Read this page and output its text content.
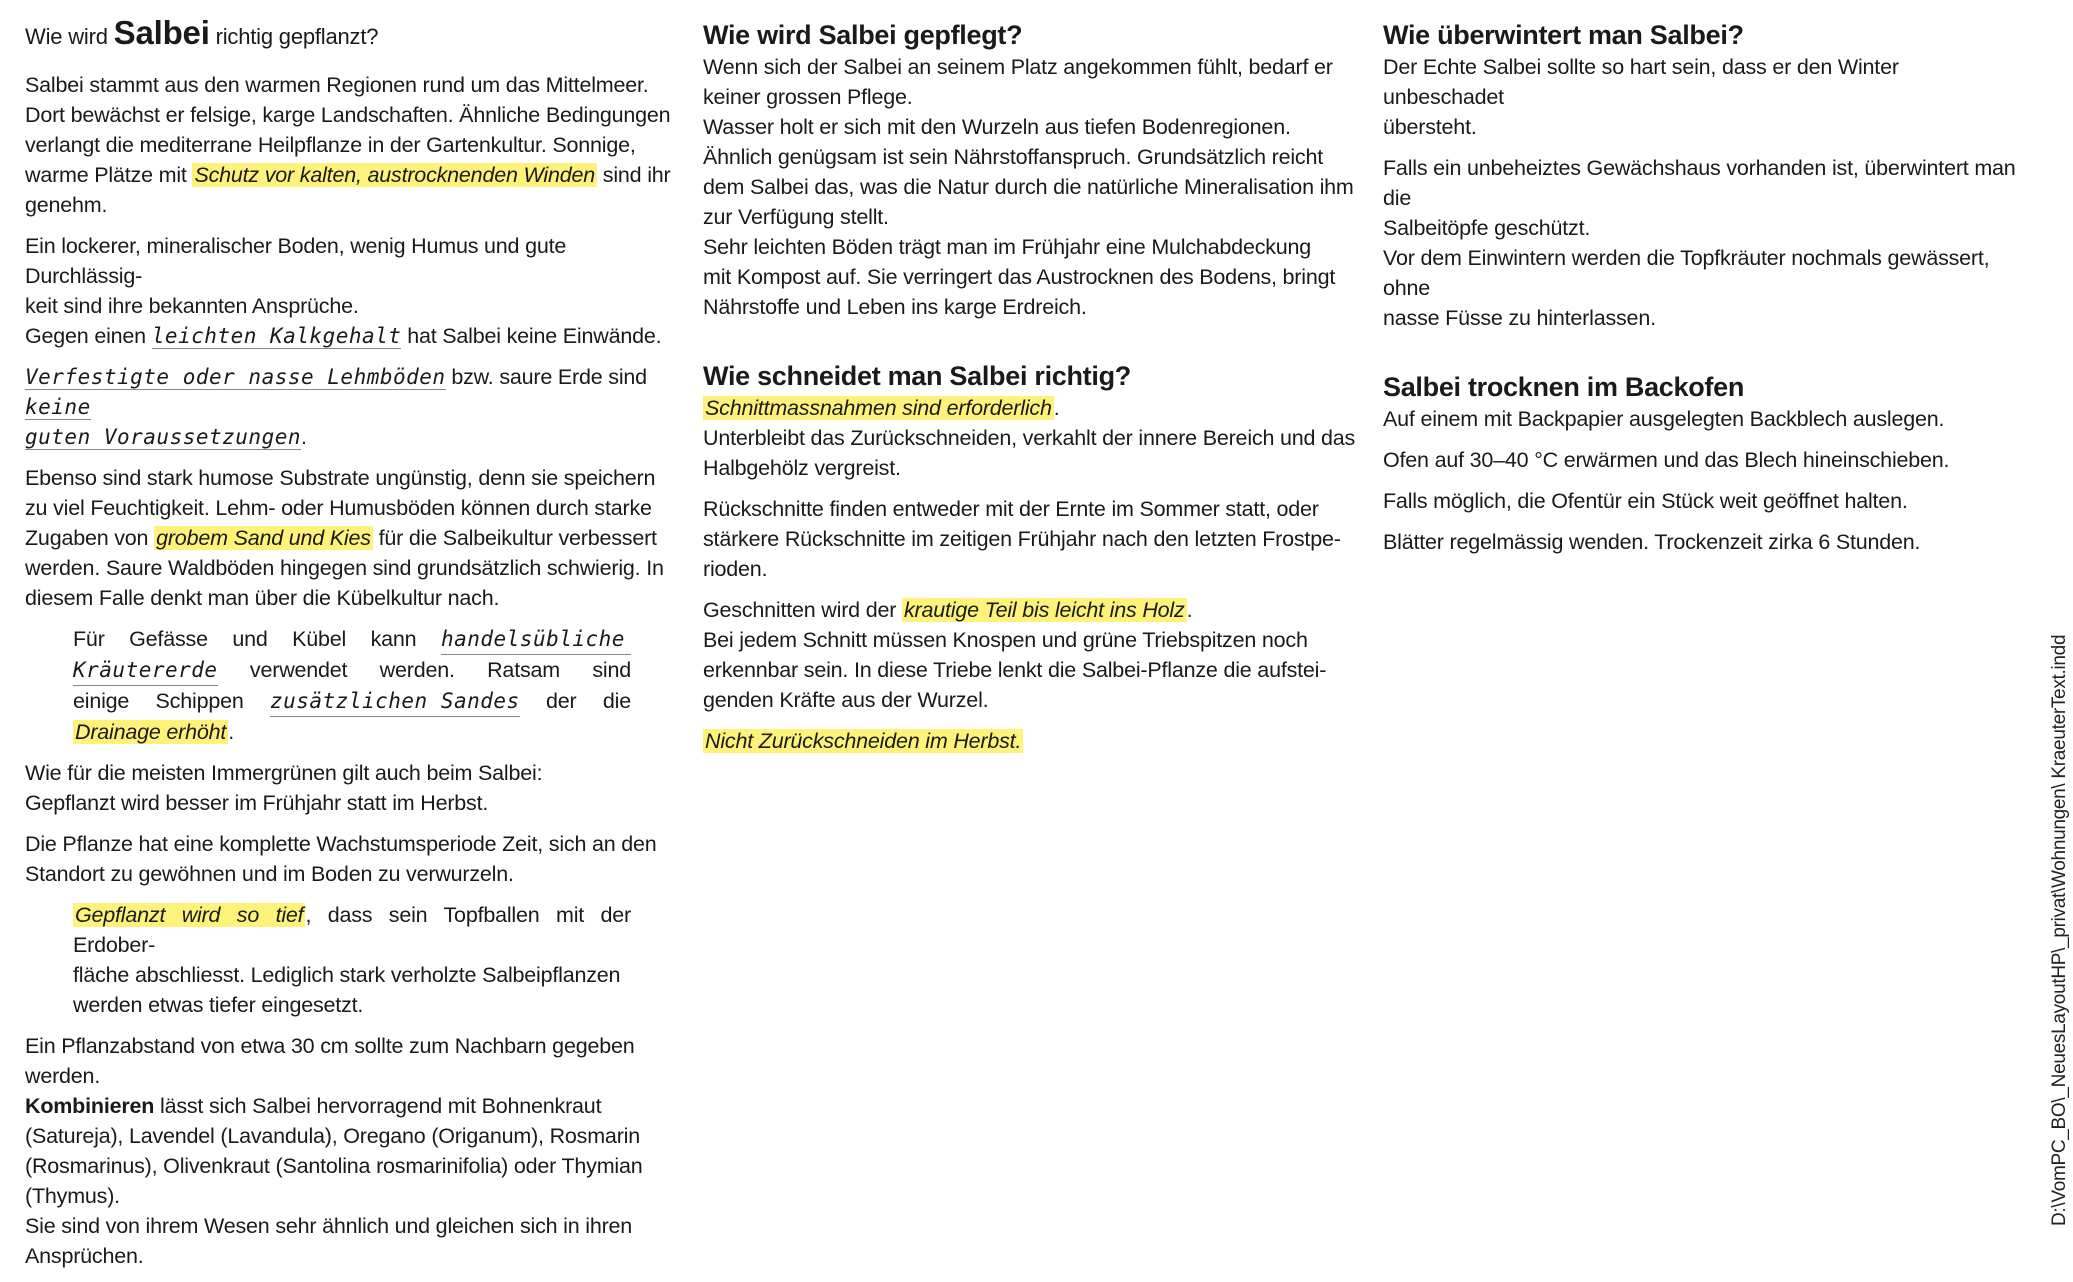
Wie wird Salbei richtig gepflanzt?

Salbei stammt aus den warmen Regionen rund um das Mittelmeer.
Dort bewächst er felsige, karge Landschaften. Ähnliche Bedingungen
verlangt die mediterrane Heilpflanze in der Gartenkultur. Sonnige,
warme Plätze mit Schutz vor kalten, austrocknenden Winden sind ihr
genehm.

Ein lockerer, mineralischer Boden, wenig Humus und gute Durchlässig-
keit sind ihre bekannten Ansprüche.
Gegen einen leichten Kalkgehalt hat Salbei keine Einwände.

Verfestigte oder nasse Lehmböden bzw. saure Erde sind keine
guten Voraussetzungen.

Ebenso sind stark humose Substrate ungünstig, denn sie speichern
zu viel Feuchtigkeit. Lehm- oder Humusböden können durch starke
Zugaben von grobem Sand und Kies für die Salbeikultur verbessert
werden. Saure Waldböden hingegen sind grundsätzlich schwierig. In
diesem Falle denkt man über die Kübelkultur nach.

Für Gefässe und Kübel kann handelsübliche
Kräutererde verwendet werden. Ratsam sind
einige Schippen zusätzlichen Sandes der die
Drainage erhöht.

Wie für die meisten Immergrünen gilt auch beim Salbei:
Gepflanzt wird besser im Frühjahr statt im Herbst.

Die Pflanze hat eine komplette Wachstumsperiode Zeit, sich an den
Standort zu gewöhnen und im Boden zu verwurzeln.

Gepflanzt wird so tief, dass sein Topfballen mit der Erdober-
fläche abschliesst. Lediglich stark verholzte Salbeipflanzen
werden etwas tiefer eingesetzt.

Ein Pflanzabstand von etwa 30 cm sollte zum Nachbarn gegeben
werden.
Kombinieren lässt sich Salbei hervorragend mit Bohnenkraut
(Satureja), Lavendel (Lavandula), Oregano (Origanum), Rosmarin
(Rosmarinus), Olivenkraut (Santolina rosmarinifolia) oder Thymian
(Thymus).
Sie sind von ihrem Wesen sehr ähnlich und gleichen sich in ihren
Ansprüchen.

Wie wird Salbei gepflegt?

Wenn sich der Salbei an seinem Platz angekommen fühlt, bedarf er
keiner grossen Pflege.
Wasser holt er sich mit den Wurzeln aus tiefen Bodenregionen.
Ähnlich genügsam ist sein Nährstoffanspruch. Grundsätzlich reicht
dem Salbei das, was die Natur durch die natürliche Mineralisation ihm
zur Verfügung stellt.
Sehr leichten Böden trägt man im Frühjahr eine Mulchabdeckung
mit Kompost auf. Sie verringert das Austrocknen des Bodens, bringt
Nährstoffe und Leben ins karge Erdreich.

Wie schneidet man Salbei richtig?

Schnittmassnahmen sind erforderlich.
Unterbleibt das Zurückschneiden, verkahlt der innere Bereich und das
Halbgehölz vergreist.

Rückschnitte finden entweder mit der Ernte im Sommer statt, oder
stärkere Rückschnitte im zeitigen Frühjahr nach den letzten Frostpe-
rioden.

Geschnitten wird der krautige Teil bis leicht ins Holz.
Bei jedem Schnitt müssen Knospen und grüne Triebspitzen noch
erkennbar sein. In diese Triebe lenkt die Salbei-Pflanze die aufstei-
genden Kräfte aus der Wurzel.

Nicht Zurückschneiden im Herbst.

Wie überwintert man Salbei?

Der Echte Salbei sollte so hart sein, dass er den Winter unbeschadet
übersteht.

Falls ein unbeheiztes Gewächshaus vorhanden ist, überwintert man die
Salbeitöpfe geschützt.
Vor dem Einwintern werden die Topfkräuter nochmals gewässert, ohne
nasse Füsse zu hinterlassen.

Salbei trocknen im Backofen

Auf einem mit Backpapier ausgelegten Backblech auslegen.

Ofen auf 30–40 °C erwärmen und das Blech hineinschieben.

Falls möglich, die Ofentür ein Stück weit geöffnet halten.

Blätter regelmässig wenden. Trockenzeit zirka 6 Stunden.

D:\VomPC_BO\_NeuesLayoutHP\_privat\Wohnungen\ KraeuterText.indd
